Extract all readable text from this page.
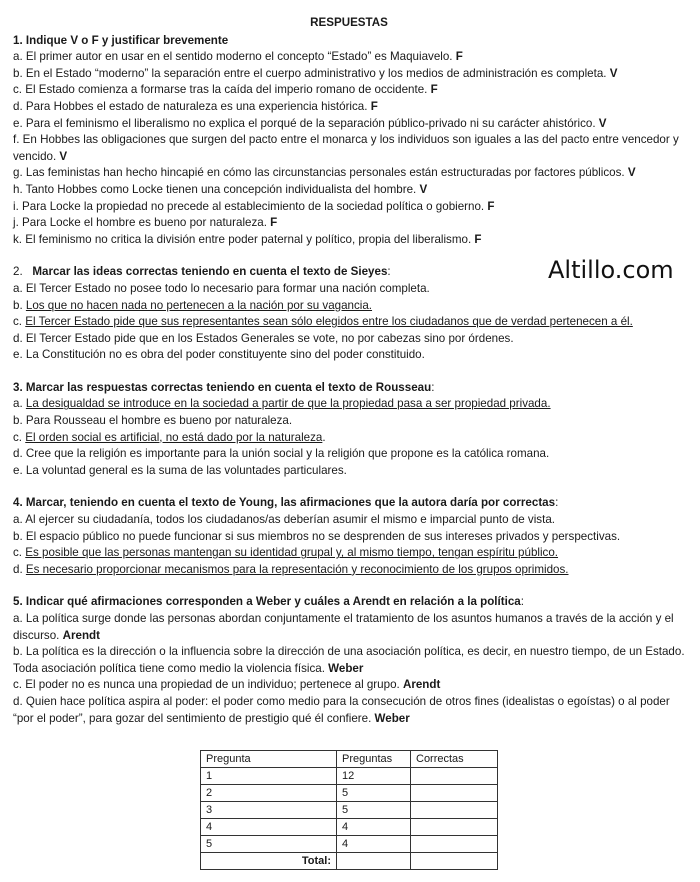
RESPUESTAS
1. Indique V o F y justificar brevemente
a. El primer autor en usar en el sentido moderno el concepto “Estado” es Maquiavelo. F
b. En el Estado “moderno” la separación entre el cuerpo administrativo y los medios de administración es completa. V
c. El Estado comienza a formarse tras la caída del imperio romano de occidente. F
d. Para Hobbes el estado de naturaleza es una experiencia histórica. F
e. Para el feminismo el liberalismo no explica el porqué de la separación público-privado ni su carácter ahistórico. V
f. En Hobbes las obligaciones que surgen del pacto entre el monarca y los individuos son iguales a las del pacto entre vencedor y vencido. V
g. Las feministas han hecho hincapié en cómo las circunstancias personales están estructuradas por factores públicos. V
h. Tanto Hobbes como Locke tienen una concepción individualista del hombre. V
i. Para Locke la propiedad no precede al establecimiento de la sociedad política o gobierno. F
j. Para Locke el hombre es bueno por naturaleza. F
k. El feminismo no critica la división entre poder paternal y político, propia del liberalismo. F
2. Marcar las ideas correctas teniendo en cuenta el texto de Sieyes:
a. El Tercer Estado no posee todo lo necesario para formar una nación completa.
b. Los que no hacen nada no pertenecen a la nación por su vagancia.
c. El Tercer Estado pide que sus representantes sean sólo elegidos entre los ciudadanos que de verdad pertenecen a él.
d. El Tercer Estado pide que en los Estados Generales se vote, no por cabezas sino por órdenes.
e. La Constitución no es obra del poder constituyente sino del poder constituido.
3. Marcar las respuestas correctas teniendo en cuenta el texto de Rousseau:
a. La desigualdad se introduce en la sociedad a partir de que la propiedad pasa a ser propiedad privada.
b. Para Rousseau el hombre es bueno por naturaleza.
c. El orden social es artificial, no está dado por la naturaleza.
d. Cree que la religión es importante para la unión social y la religión que propone es la católica romana.
e. La voluntad general es la suma de las voluntades particulares.
4. Marcar, teniendo en cuenta el texto de Young, las afirmaciones que la autora daría por correctas:
a. Al ejercer su ciudadanía, todos los ciudadanos/as deberían asumir el mismo e imparcial punto de vista.
b. El espacio público no puede funcionar si sus miembros no se desprenden de sus intereses privados y perspectivas.
c. Es posible que las personas mantengan su identidad grupal y, al mismo tiempo, tengan espíritu público.
d. Es necesario proporcionar mecanismos para la representación y reconocimiento de los grupos oprimidos.
5. Indicar qué afirmaciones corresponden a Weber y cuáles a Arendt en relación a la política:
a. La política surge donde las personas abordan conjuntamente el tratamiento de los asuntos humanos a través de la acción y el discurso. Arendt
b. La política es la dirección o la influencia sobre la dirección de una asociación política, es decir, en nuestro tiempo, de un Estado. Toda asociación política tiene como medio la violencia física. Weber
c. El poder no es nunca una propiedad de un individuo; pertenece al grupo. Arendt
d. Quien hace política aspira al poder: el poder como medio para la consecución de otros fines (idealistas o egoístas) o al poder “por el poder”, para gozar del sentimiento de prestigio qué él confiere. Weber
Altillo.com
Pregunta	Preguntas	Correctas
1	12	
2	5	
3	5	
4	4	
5	4	
Total:		
